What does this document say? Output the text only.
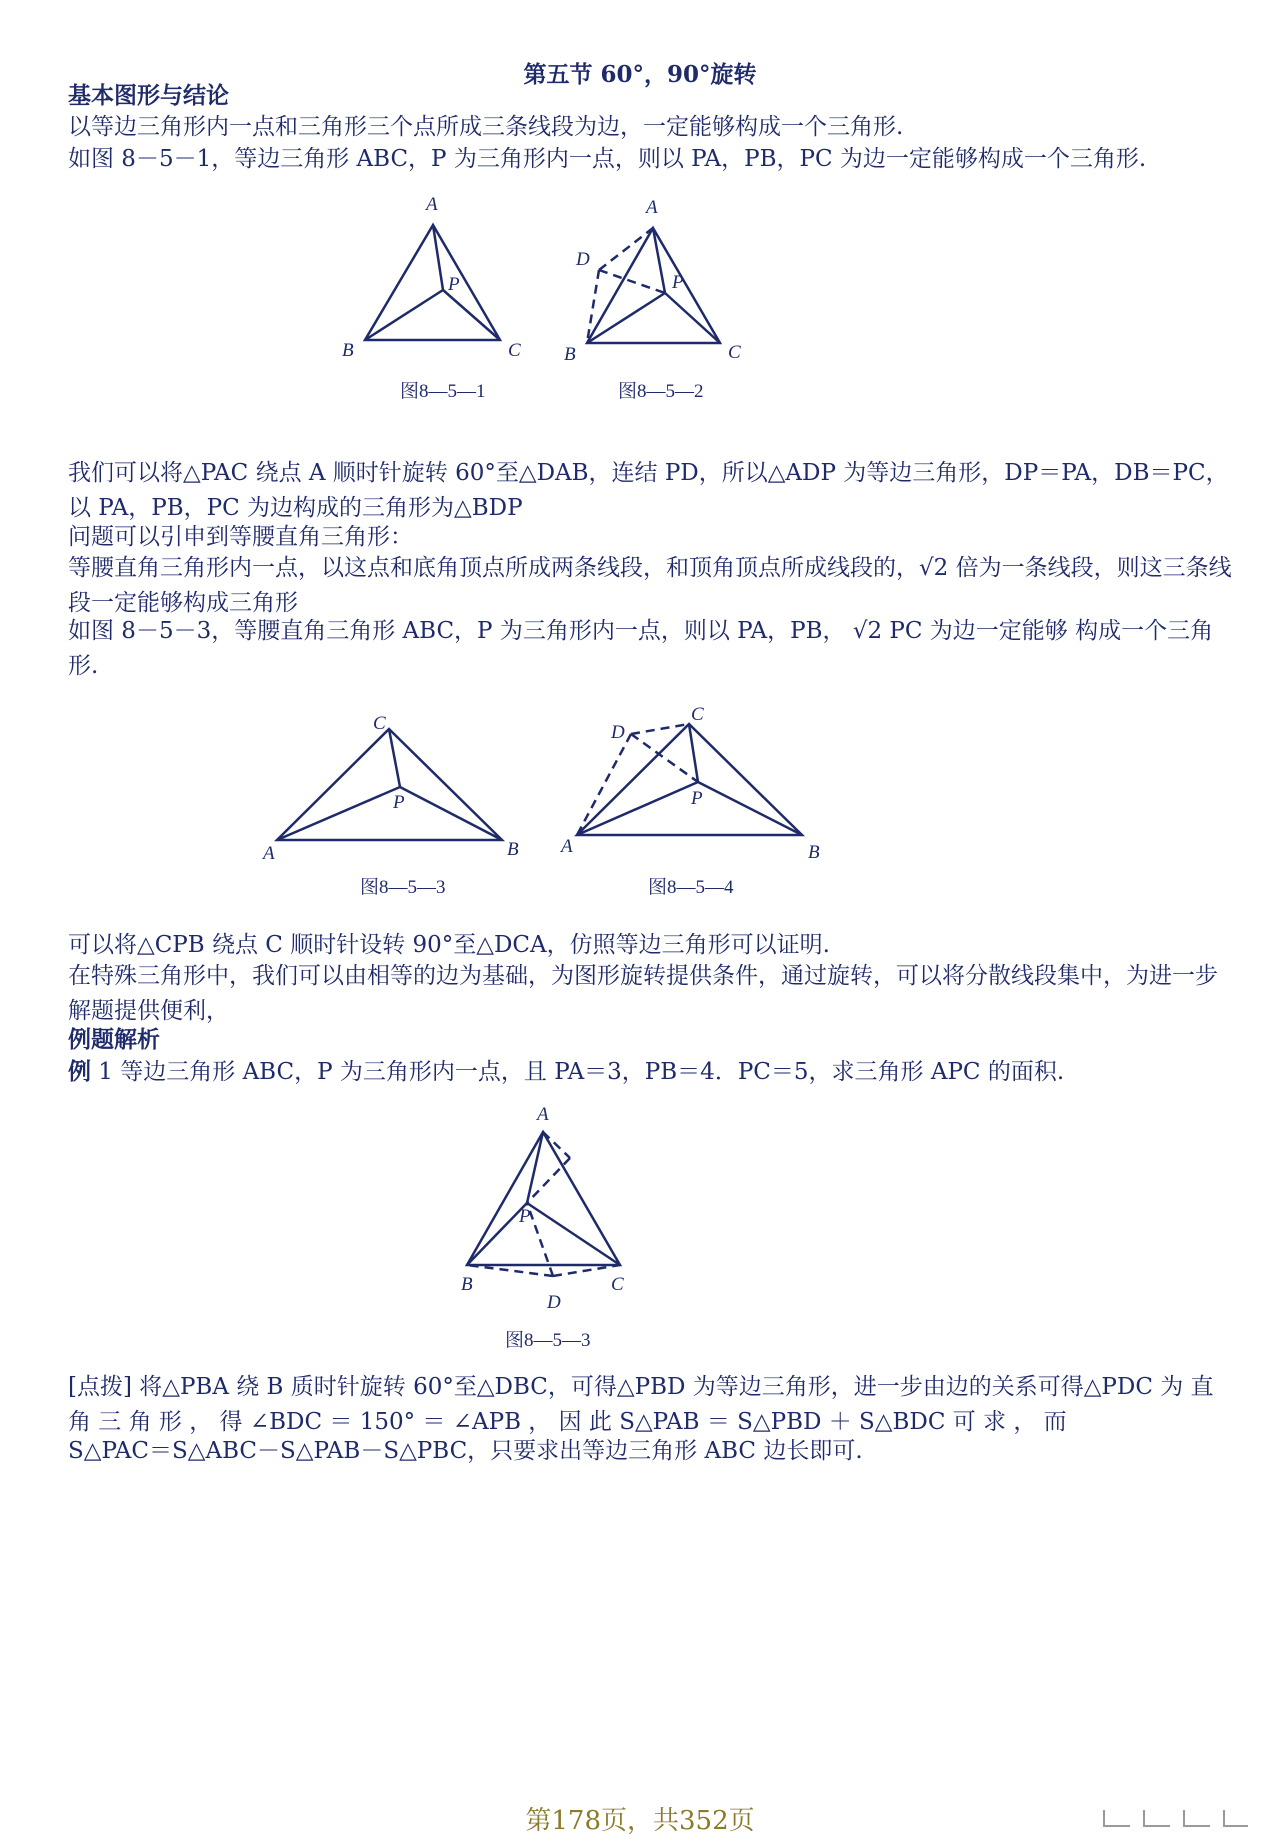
第五节 60°，90°旋转

基本图形与结论

以等边三角形内一点和三角形三个点所成三条线段为边，一定能够构成一个三角形.

如图 8－5－1，等边三角形 ABC，P 为三角形内一点，则以 PA，PB，PC 为边一定能够构成一个三角形.

A
P
B	C
图8—5—1
A
P
D
B	C
图8—5—2

我们可以将△PAC 绕点 A 顺时针旋转 60°至△DAB，连结 PD，所以△ADP 为等边三角形，DP＝PA，DB＝PC，以 PA，PB，PC 为边构成的三角形为△BDP

问题可以引申到等腰直角三角形：

等腰直角三角形内一点，以这点和底角顶点所成两条线段，和顶角顶点所成线段的，√2 倍为一条线段，则这三条线段一定能够构成三角形

如图 8－5－3，等腰直角三角形 ABC，P 为三角形内一点，则以 PA，PB， √2 PC 为边一定能够 构成一个三角形.

C
P
A	B
图8—5—3
C
D
P
A	B
图8—5—4

可以将△CPB 绕点 C 顺时针设转 90°至△DCA，仿照等边三角形可以证明.

在特殊三角形中，我们可以由相等的边为基础，为图形旋转提供条件，通过旋转，可以将分散线段集中，为进一步解题提供便利，

例题解析

例 1 等边三角形 ABC，P 为三角形内一点，且 PA＝3，PB＝4．PC＝5，求三角形 APC 的面积.

A
P
B	C
D
图8—5—3

[点拨] 将△PBA 绕 B 质时针旋转 60°至△DBC，可得△PBD 为等边三角形，进一步由边的关系可得△PDC 为 直 角 三 角 形 ， 得 ∠BDC ＝ 150° ＝ ∠APB ， 因 此 S△PAB ＝ S△PBD ＋ S△BDC 可 求 ， 而

S△PAC＝S△ABC－S△PAB－S△PBC，只要求出等边三角形 ABC 边长即可.

第178页，共352页
